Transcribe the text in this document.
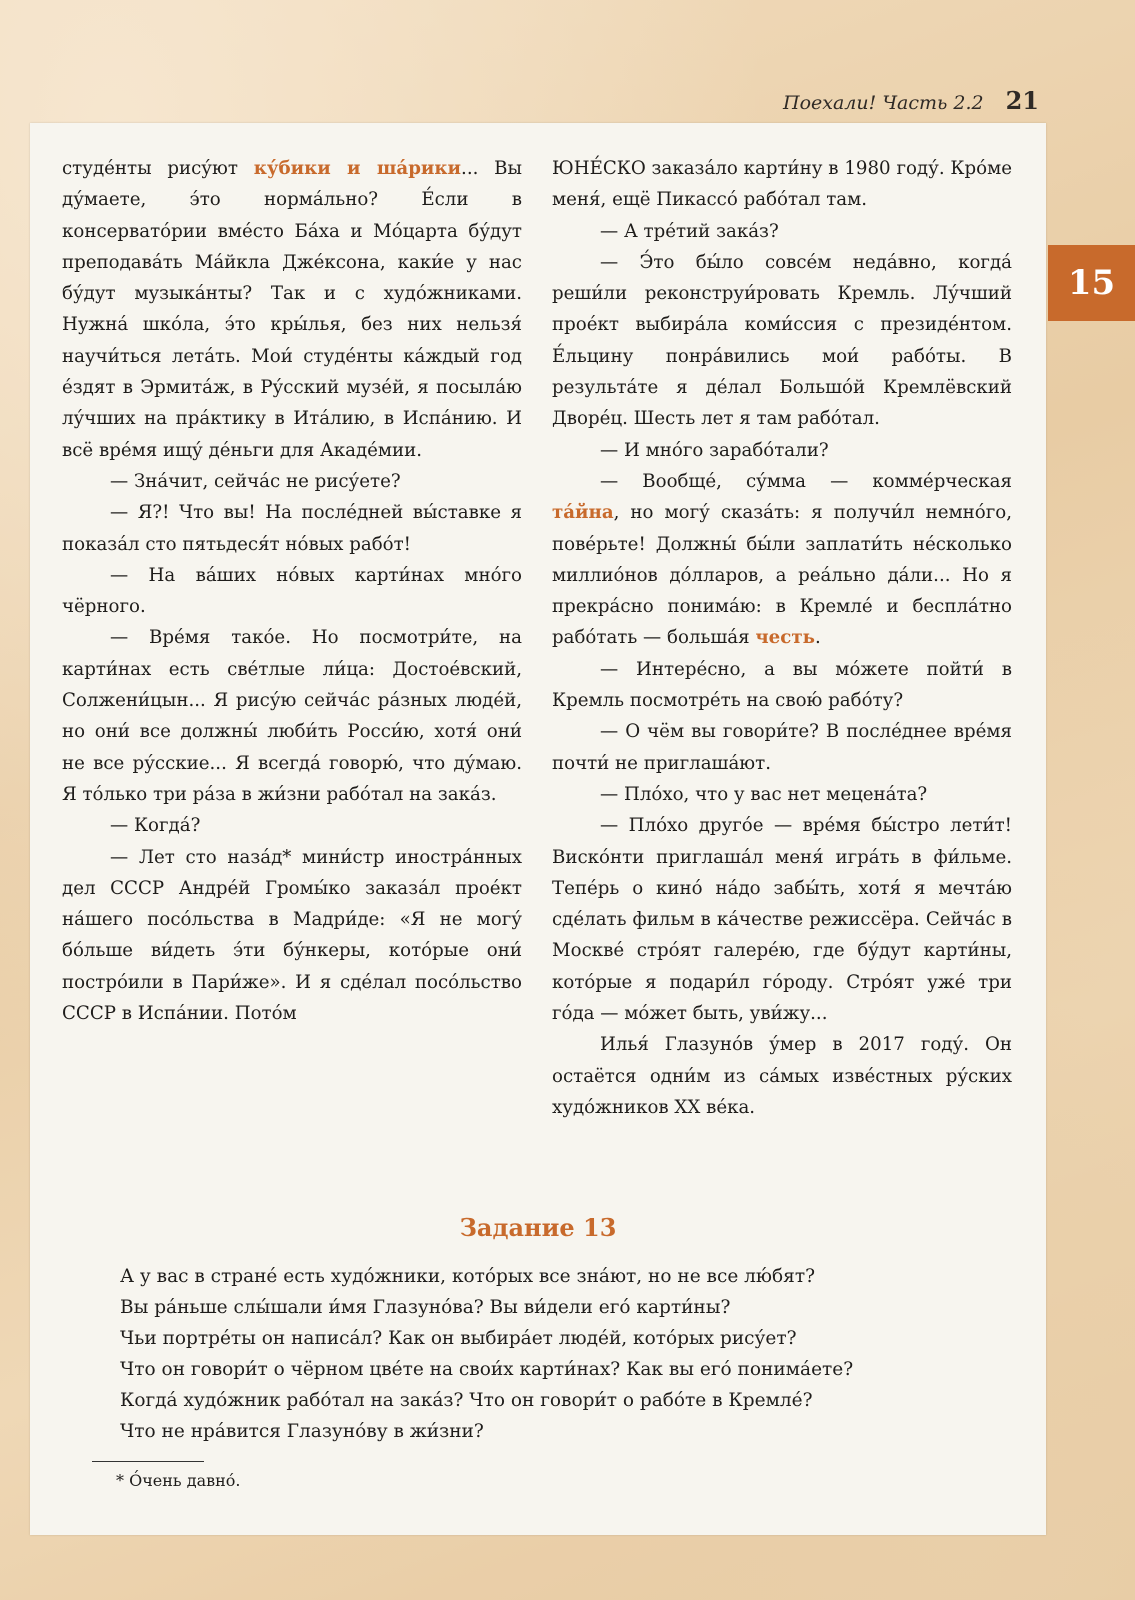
Поехали! Часть 2.2 21
15

студе́нты рису́ют ку́бики и ша́рики... Вы ду́маете, э́то норма́льно? Е́сли в консервато́рии вме́сто Ба́ха и Мо́царта бу́дут преподава́ть Ма́йкла Дже́ксона, каки́е у нас бу́дут музыка́нты? Так и с худо́жниками. Нужна́ шко́ла, э́то кры́лья, без них нельзя́ научи́ться лета́ть. Мои́ студе́нты ка́ждый год е́здят в Эрмита́ж, в Ру́сский музе́й, я посыла́ю лу́чших на пра́ктику в Ита́лию, в Испа́нию. И всё вре́мя ищу́ де́ньги для Акаде́мии.

— Зна́чит, сейча́с не рису́ете?

— Я?! Что вы! На после́дней вы́ставке я показа́л сто пятьдеся́т но́вых рабо́т!

— На ва́ших но́вых карти́нах мно́го чёрного.

— Вре́мя тако́е. Но посмотри́те, на карти́нах есть све́тлые ли́ца: Достое́вский, Солжени́цын... Я рису́ю сейча́с ра́зных люде́й, но они́ все должны́ люби́ть Росси́ю, хотя́ они́ не все ру́сские... Я всегда́ говорю́, что ду́маю. Я то́лько три ра́за в жи́зни рабо́тал на зака́з.

— Когда́?

— Лет сто наза́д* мини́стр иностра́нных дел СССР Андре́й Громы́ко заказа́л прое́кт на́шего посо́льства в Мадри́де: «Я не могу́ бо́льше ви́деть э́ти бу́нкеры, кото́рые они́ постро́или в Пари́же». И я сде́лал посо́льство СССР в Испа́нии. Пото́м

ЮНЕ́СКО заказа́ло карти́ну в 1980 году́. Кро́ме меня́, ещё Пикассо́ рабо́тал там.

— А тре́тий зака́з?

— Э́то бы́ло совсе́м неда́вно, когда́ реши́ли реконструи́ровать Кремль. Лу́чший прое́кт выбира́ла коми́ссия с президе́нтом. Е́льцину понра́вились мои́ рабо́ты. В результа́те я де́лал Большо́й Кремлёвский Дворе́ц. Шесть лет я там рабо́тал.

— И мно́го зарабо́тали?

— Вообще́, су́мма — комме́рческая та́йна, но могу́ сказа́ть: я получи́л немно́го, пове́рьте! Должны́ бы́ли заплати́ть не́сколько миллио́нов до́лларов, а реа́льно да́ли... Но я прекра́сно понима́ю: в Кремле́ и беспла́тно рабо́тать — больша́я честь.

— Интере́сно, а вы мо́жете пойти́ в Кремль посмотре́ть на свою́ рабо́ту?

— О чём вы говори́те? В после́днее вре́мя почти́ не приглаша́ют.

— Пло́хо, что у вас нет мецена́та?

— Пло́хо друго́е — вре́мя бы́стро лети́т! Виско́нти приглаша́л меня́ игра́ть в фи́льме. Тепе́рь о кино́ на́до забы́ть, хотя́ я мечта́ю сде́лать фильм в ка́честве режиссёра. Сейча́с в Москве́ стро́ят галере́ю, где бу́дут карти́ны, кото́рые я подари́л го́роду. Стро́ят уже́ три го́да — мо́жет быть, уви́жу...

Илья́ Глазуно́в у́мер в 2017 году́. Он остаётся одни́м из са́мых изве́стных ру́ских худо́жников XX ве́ка.

Задание 13
А у вас в стране́ есть худо́жники, кото́рых все зна́ют, но не все лю́бят?
Вы ра́ньше слы́шали и́мя Глазуно́ва? Вы ви́дели его́ карти́ны?
Чьи портре́ты он написа́л? Как он выбира́ет люде́й, кото́рых рису́ет?
Что он говори́т о чёрном цве́те на свои́х карти́нах? Как вы его́ понима́ете?
Когда́ худо́жник рабо́тал на зака́з? Что он говори́т о рабо́те в Кремле́?
Что не нра́вится Глазуно́ву в жи́зни?
* О́чень давно́.
